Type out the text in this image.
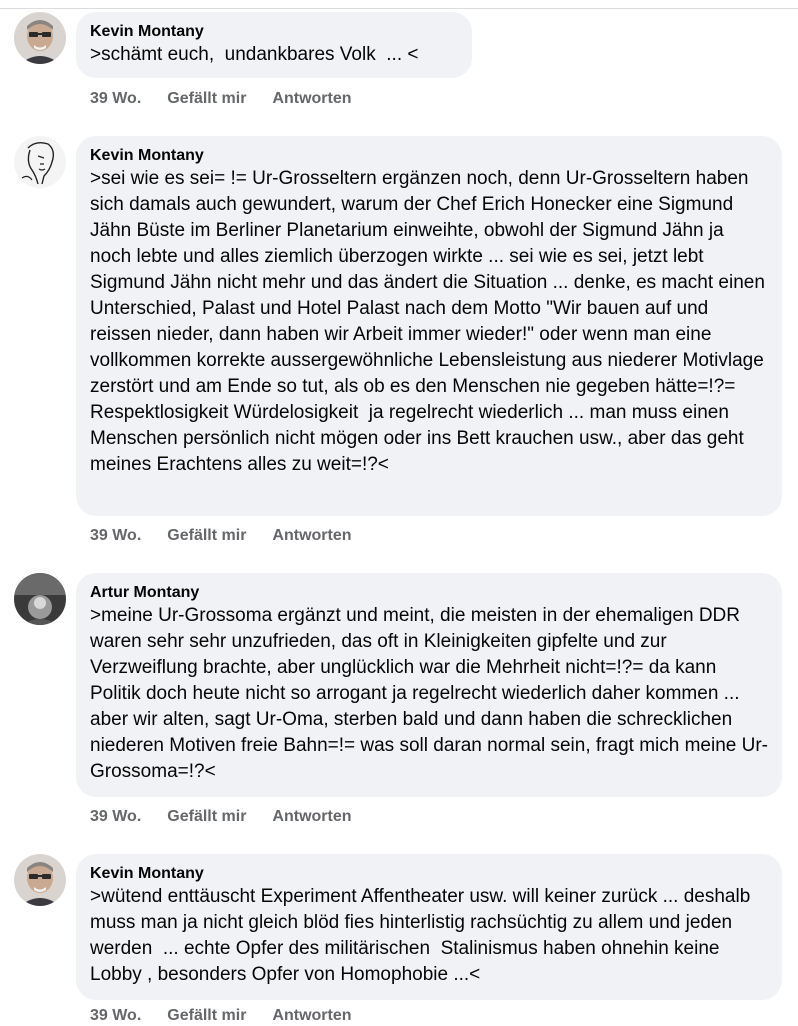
Kevin Montany
>schämt euch,  undankbares Volk  ... <
39 Wo. Gefällt mir Antworten
Kevin Montany
>sei wie es sei= != Ur-Grosseltern ergänzen noch, denn Ur-Grosseltern haben sich damals auch gewundert, warum der Chef Erich Honecker eine Sigmund Jähn Büste im Berliner Planetarium einweihte, obwohl der Sigmund Jähn ja noch lebte und alles ziemlich überzogen wirkte ... sei wie es sei, jetzt lebt Sigmund Jähn nicht mehr und das ändert die Situation ... denke, es macht einen Unterschied, Palast und Hotel Palast nach dem Motto "Wir bauen auf und reissen nieder, dann haben wir Arbeit immer wieder!" oder wenn man eine vollkommen korrekte aussergewöhnliche Lebensleistung aus niederer Motivlage zerstört und am Ende so tut, als ob es den Menschen nie gegeben hätte=!?= Respektlosigkeit Würdelosigkeit  ja regelrecht wiederlich ... man muss einen Menschen persönlich nicht mögen oder ins Bett krauchen usw., aber das geht meines Erachtens alles zu weit=!?<
39 Wo. Gefällt mir Antworten
Artur Montany
>meine Ur-Grossoma ergänzt und meint, die meisten in der ehemaligen DDR waren sehr sehr unzufrieden, das oft in Kleinigkeiten gipfelte und zur Verzweiflung brachte, aber unglücklich war die Mehrheit nicht=!?= da kann Politik doch heute nicht so arrogant ja regelrecht wiederlich daher kommen ... aber wir alten, sagt Ur-Oma, sterben bald und dann haben die schrecklichen niederen Motiven freie Bahn=!= was soll daran normal sein, fragt mich meine Ur-Grossoma=!?<
39 Wo. Gefällt mir Antworten
Kevin Montany
>wütend enttäuscht Experiment Affentheater usw. will keiner zurück ... deshalb muss man ja nicht gleich blöd fies hinterlistig rachsüchtig zu allem und jeden werden  ... echte Opfer des militärischen  Stalinismus haben ohnehin keine Lobby , besonders Opfer von Homophobie ...<
39 Wo. Gefällt mir Antworten
